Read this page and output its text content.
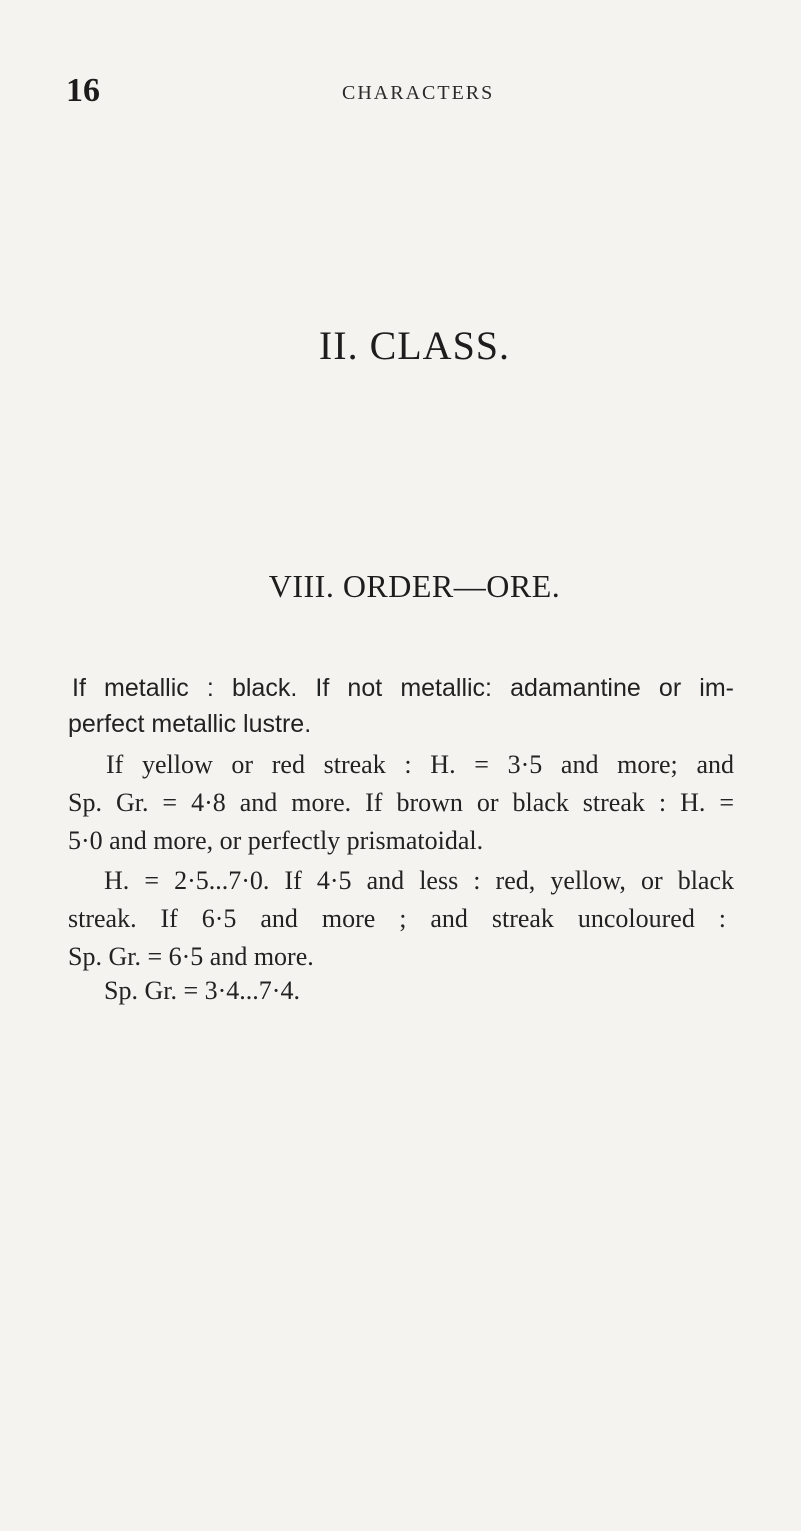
16	CHARACTERS
II. CLASS.
VIII. ORDER—ORE.
If metallic : black. If not metallic: adamantine or im-
perfect metallic lustre.
If yellow or red streak : H. = 3·5 and more; and
Sp. Gr. = 4·8 and more. If brown or black streak : H. =
5·0 and more, or perfectly prismatoidal.
H. = 2·5...7·0. If 4·5 and less : red, yellow, or black
streak. If 6·5 and more ; and streak uncoloured :
Sp. Gr. = 6·5 and more.
Sp. Gr. = 3·4...7·4.
